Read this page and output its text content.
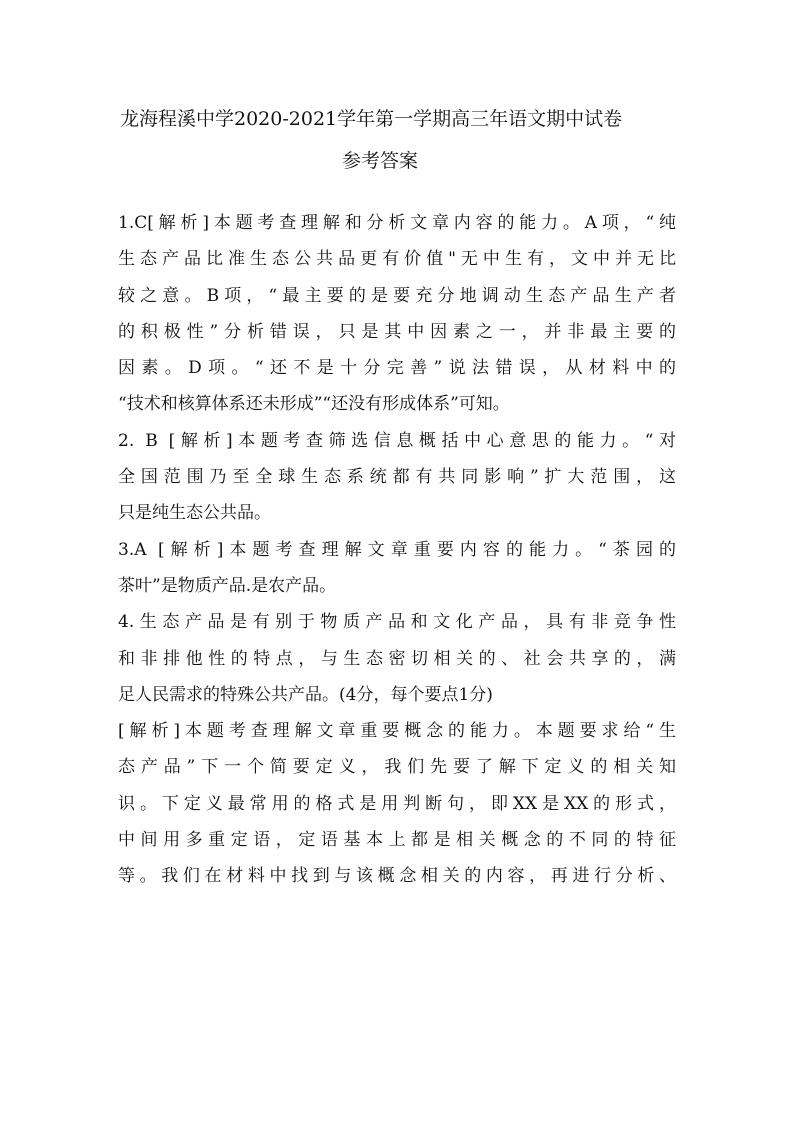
龙海程溪中学2020-2021学年第一学期高三年语文期中试卷
参考答案
1.C[解析]本题考查理解和分析文章内容的能力。A项，“纯
生态产品比准生态公共品更有价值"无中生有，文中并无比
较之意。B项，“最主要的是要充分地调动生态产品生产者
的积极性”分析错误，只是其中因素之一，并非最主要的
因素。D项。“还不是十分完善”说法错误，从材料中的
“技术和核算体系还未形成”“还没有形成体系”可知。
2. B [解析]本题考查筛选信息概括中心意思的能力。“对
全国范围乃至全球生态系统都有共同影响”扩大范围，这
只是纯生态公共品。
3.A [解析]本题考查理解文章重要内容的能力。“茶园的
茶叶”是物质产品.是农产品。
4.生态产品是有别于物质产品和文化产品，具有非竞争性
和非排他性的特点，与生态密切相关的、社会共享的，满
足人民需求的特殊公共产品。(4分，每个要点1分)
[解析]本题考查理解文章重要概念的能力。本题要求给“生
态产品”下一个简要定义，我们先要了解下定义的相关知
识。下定义最常用的格式是用判断句，即XX是XX的形式，
中间用多重定语，定语基本上都是相关概念的不同的特征
等。我们在材料中找到与该概念相关的内容，再进行分析、
